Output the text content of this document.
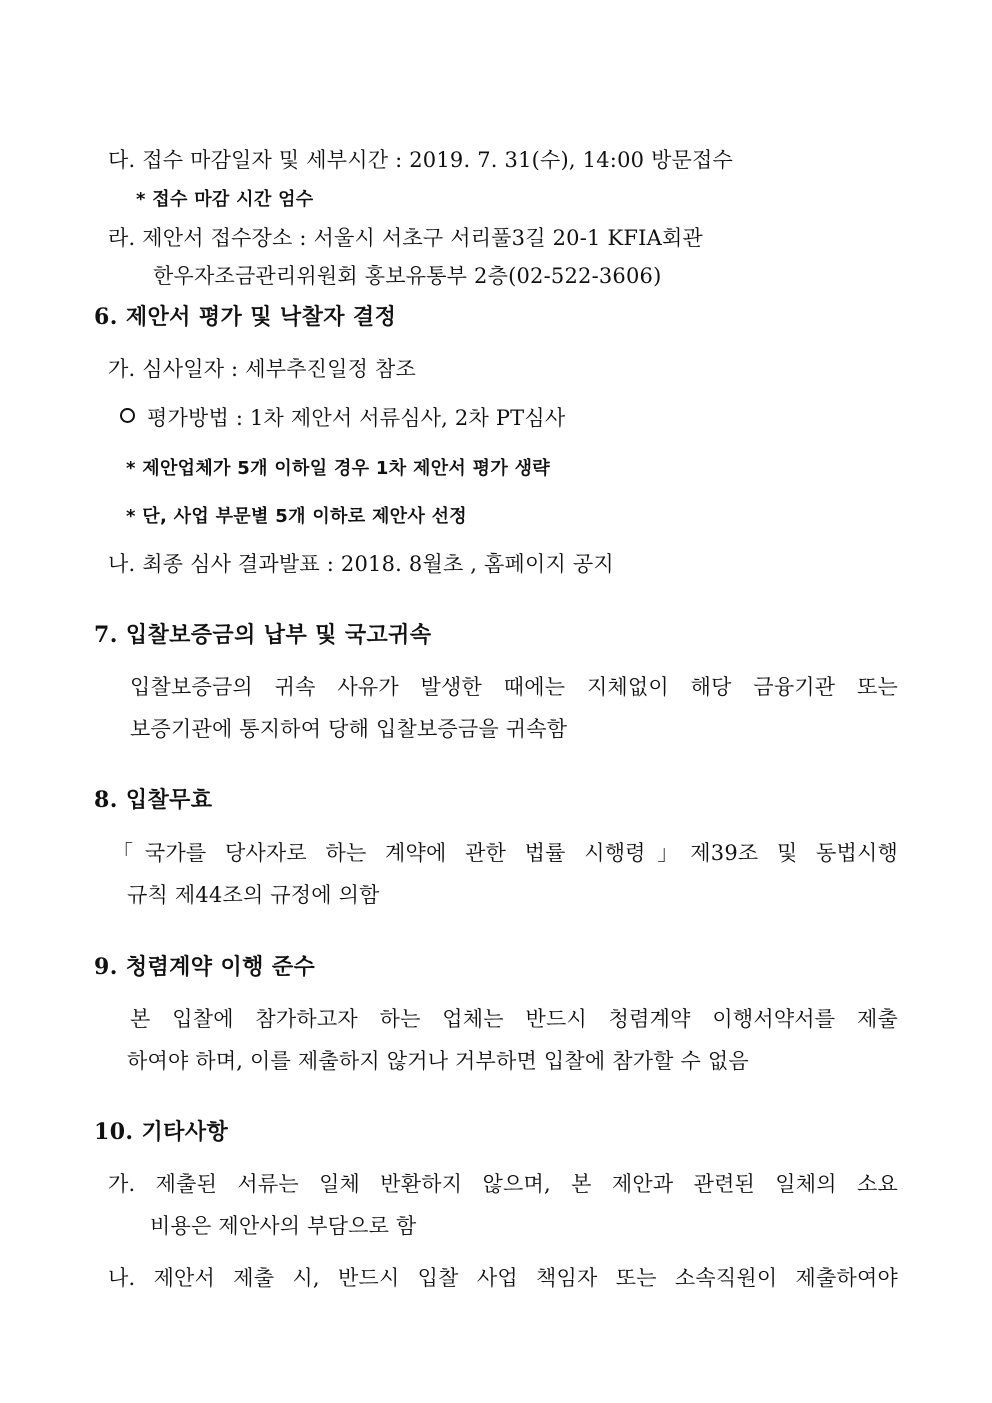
다. 접수 마감일자 및 세부시간 : 2019. 7. 31(수), 14:00 방문접수
* 접수 마감 시간 엄수
라. 제안서 접수장소 : 서울시 서초구 서리풀3길 20-1 KFIA회관
한우자조금관리위원회 홍보유통부 2층(02-522-3606)
6. 제안서 평가 및 낙찰자 결정
가. 심사일자 : 세부추진일정 참조
평가방법 : 1차 제안서 서류심사, 2차 PT심사
* 제안업체가 5개 이하일 경우 1차 제안서 평가 생략
* 단, 사업 부문별 5개 이하로 제안사 선정
나. 최종 심사 결과발표 : 2018. 8월초 , 홈페이지 공지
7. 입찰보증금의 납부 및 국고귀속
입찰보증금의 귀속 사유가 발생한 때에는 지체없이 해당 금융기관 또는
보증기관에 통지하여 당해 입찰보증금을 귀속함
8. 입찰무효
「국가를 당사자로 하는 계약에 관한 법률 시행령」제39조 및 동법시행
규칙 제44조의 규정에 의함
9. 청렴계약 이행 준수
본 입찰에 참가하고자 하는 업체는 반드시 청렴계약 이행서약서를 제출
하여야 하며, 이를 제출하지 않거나 거부하면 입찰에 참가할 수 없음
10. 기타사항
가. 제출된 서류는 일체 반환하지 않으며, 본 제안과 관련된 일체의 소요
비용은 제안사의 부담으로 함
나. 제안서 제출 시, 반드시 입찰 사업 책임자 또는 소속직원이 제출하여야
